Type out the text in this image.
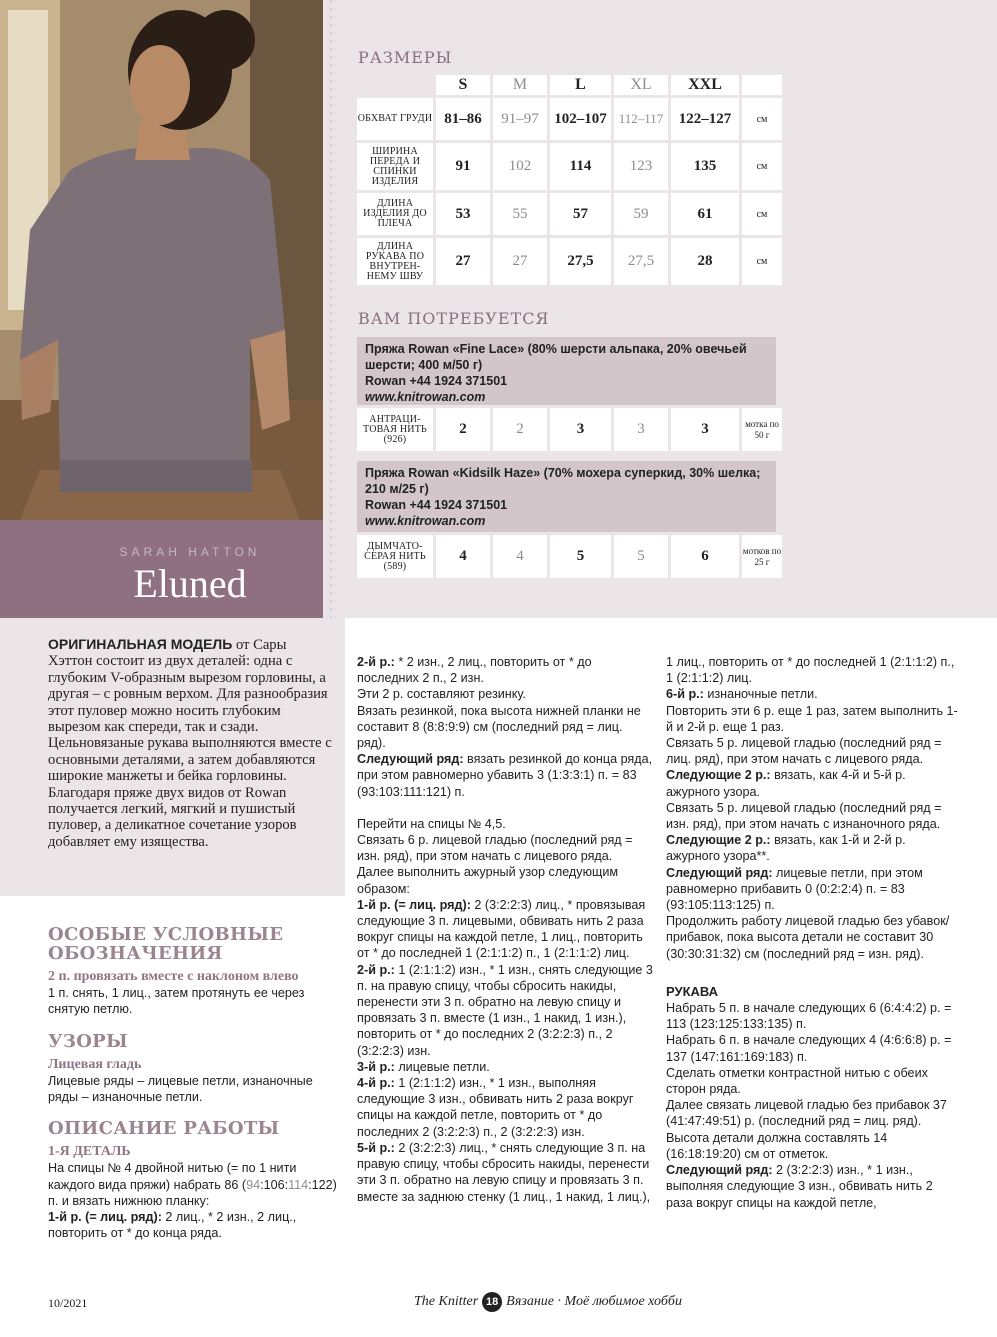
SARAH HATTON
Eluned
РАЗМЕРЫ
	S	M	L	XL	XXL	
ОБХВАТ ГРУДИ	81–86	91–97	102–107	112–117	122–127	см
ШИРИНА ПЕРЕДА И СПИНКИ ИЗДЕЛИЯ	91	102	114	123	135	см
ДЛИНА ИЗДЕЛИЯ ДО ПЛЕЧА	53	55	57	59	61	см
ДЛИНА РУКАВА ПО ВНУТРЕН-НЕМУ ШВУ	27	27	27,5	27,5	28	см
ВАМ ПОТРЕБУЕТСЯ
Пряжа Rowan «Fine Lace» (80% шерсти альпака, 20% овечьей шерсти; 400 м/50 г)
Rowan +44 1924 371501
www.knitrowan.com
АНТРАЦИ-ТОВАЯ НИТЬ (926)	2	2	3	3	3	мотка по 50 г
Пряжа Rowan «Kidsilk Haze» (70% мохера суперкид, 30% шелка; 210 м/25 г)
Rowan +44 1924 371501
www.knitrowan.com
ДЫМЧАТО-СЕРАЯ НИТЬ (589)	4	4	5	5	6	мотков по 25 г
ОРИГИНАЛЬНАЯ МОДЕЛЬ от Сары Хэттон состоит из двух деталей: одна с глубоким V-образным вырезом горловины, а другая – с ровным верхом. Для разнообразия этот пуловер можно носить глубоким вырезом как спереди, так и сзади. Цельновязаные рукава выполняются вместе с основными деталями, а затем добавляются широкие манжеты и бейка горловины. Благодаря пряже двух видов от Rowan получается легкий, мягкий и пушистый пуловер, а деликатное сочетание узоров добавляет ему изящества.
ОСОБЫЕ УСЛОВНЫЕ ОБОЗНАЧЕНИЯ
2 п. провязать вместе с наклоном влево

1 п. снять, 1 лиц., затем протянуть ее через снятую петлю.

УЗОРЫ
Лицевая гладь

Лицевые ряды – лицевые петли, изнаночные ряды – изнаночные петли.

ОПИСАНИЕ РАБОТЫ
1-Я ДЕТАЛЬ

На спицы № 4 двойной нитью (= по 1 нити каждого вида пряжи) набрать 86 (94:106:114:122) п. и вязать нижнюю планку:

1-й р. (= лиц. ряд): 2 лиц., * 2 изн., 2 лиц., повторить от * до конца ряда.

2-й р.: * 2 изн., 2 лиц., повторить от * до последних 2 п., 2 изн.

Эти 2 р. составляют резинку.

Вязать резинкой, пока высота нижней планки не составит 8 (8:8:9:9) см (последний ряд = лиц. ряд).

Следующий ряд: вязать резинкой до конца ряда, при этом равномерно убавить 3 (1:3:3:1) п. = 83 (93:103:111:121) п.

Перейти на спицы № 4,5.

Связать 6 р. лицевой гладью (последний ряд = изн. ряд), при этом начать с лицевого ряда.

Далее выполнить ажурный узор следующим образом:

1-й р. (= лиц. ряд): 2 (3:2:2:3) лиц., * провязывая следующие 3 п. лицевыми, обвивать нить 2 раза вокруг спицы на каждой петле, 1 лиц., повторить от * до последней 1 (2:1:1:2) п., 1 (2:1:1:2) лиц.

2-й р.: 1 (2:1:1:2) изн., * 1 изн., снять следующие 3 п. на правую спицу, чтобы сбросить накиды, перенести эти 3 п. обратно на левую спицу и провязать 3 п. вместе (1 изн., 1 накид, 1 изн.), повторить от * до последних 2 (3:2:2:3) п., 2 (3:2:2:3) изн.

3-й р.: лицевые петли.

4-й р.: 1 (2:1:1:2) изн., * 1 изн., выполняя следующие 3 изн., обвивать нить 2 раза вокруг спицы на каждой петле, повторить от * до последних 2 (3:2:2:3) п., 2 (3:2:2:3) изн.

5-й р.: 2 (3:2:2:3) лиц., * снять следующие 3 п. на правую спицу, чтобы сбросить накиды, перенести эти 3 п. обратно на левую спицу и провязать 3 п. вместе за заднюю стенку (1 лиц., 1 накид, 1 лиц.),

1 лиц., повторить от * до последней 1 (2:1:1:2) п., 1 (2:1:1:2) лиц.

6-й р.: изнаночные петли.

Повторить эти 6 р. еще 1 раз, затем выполнить 1-й и 2-й р. еще 1 раз.

Связать 5 р. лицевой гладью (последний ряд = лиц. ряд), при этом начать с лицевого ряда.

Следующие 2 р.: вязать, как 4-й и 5-й р. ажурного узора.

Связать 5 р. лицевой гладью (последний ряд = изн. ряд), при этом начать с изнаночного ряда.

Следующие 2 р.: вязать, как 1-й и 2-й р. ажурного узора**.

Следующий ряд: лицевые петли, при этом равномерно прибавить 0 (0:2:2:4) п. = 83 (93:105:113:125) п.

Продолжить работу лицевой гладью без убавок/прибавок, пока высота детали не составит 30 (30:30:31:32) см (последний ряд = изн. ряд).

РУКАВА

Набрать 5 п. в начале следующих 6 (6:4:4:2) р. = 113 (123:125:133:135) п.

Набрать 6 п. в начале следующих 4 (4:6:6:8) р. = 137 (147:161:169:183) п.

Сделать отметки контрастной нитью с обеих сторон ряда.

Далее связать лицевой гладью без прибавок 37 (41:47:49:51) р. (последний ряд = лиц. ряд).

Высота детали должна составлять 14 (16:18:19:20) см от отметок.

Следующий ряд: 2 (3:2:2:3) изн., * 1 изн., выполняя следующие 3 изн., обвивать нить 2 раза вокруг спицы на каждой петле,

10/2021	The Knitter 18 Вязание · Моё любимое хобби
